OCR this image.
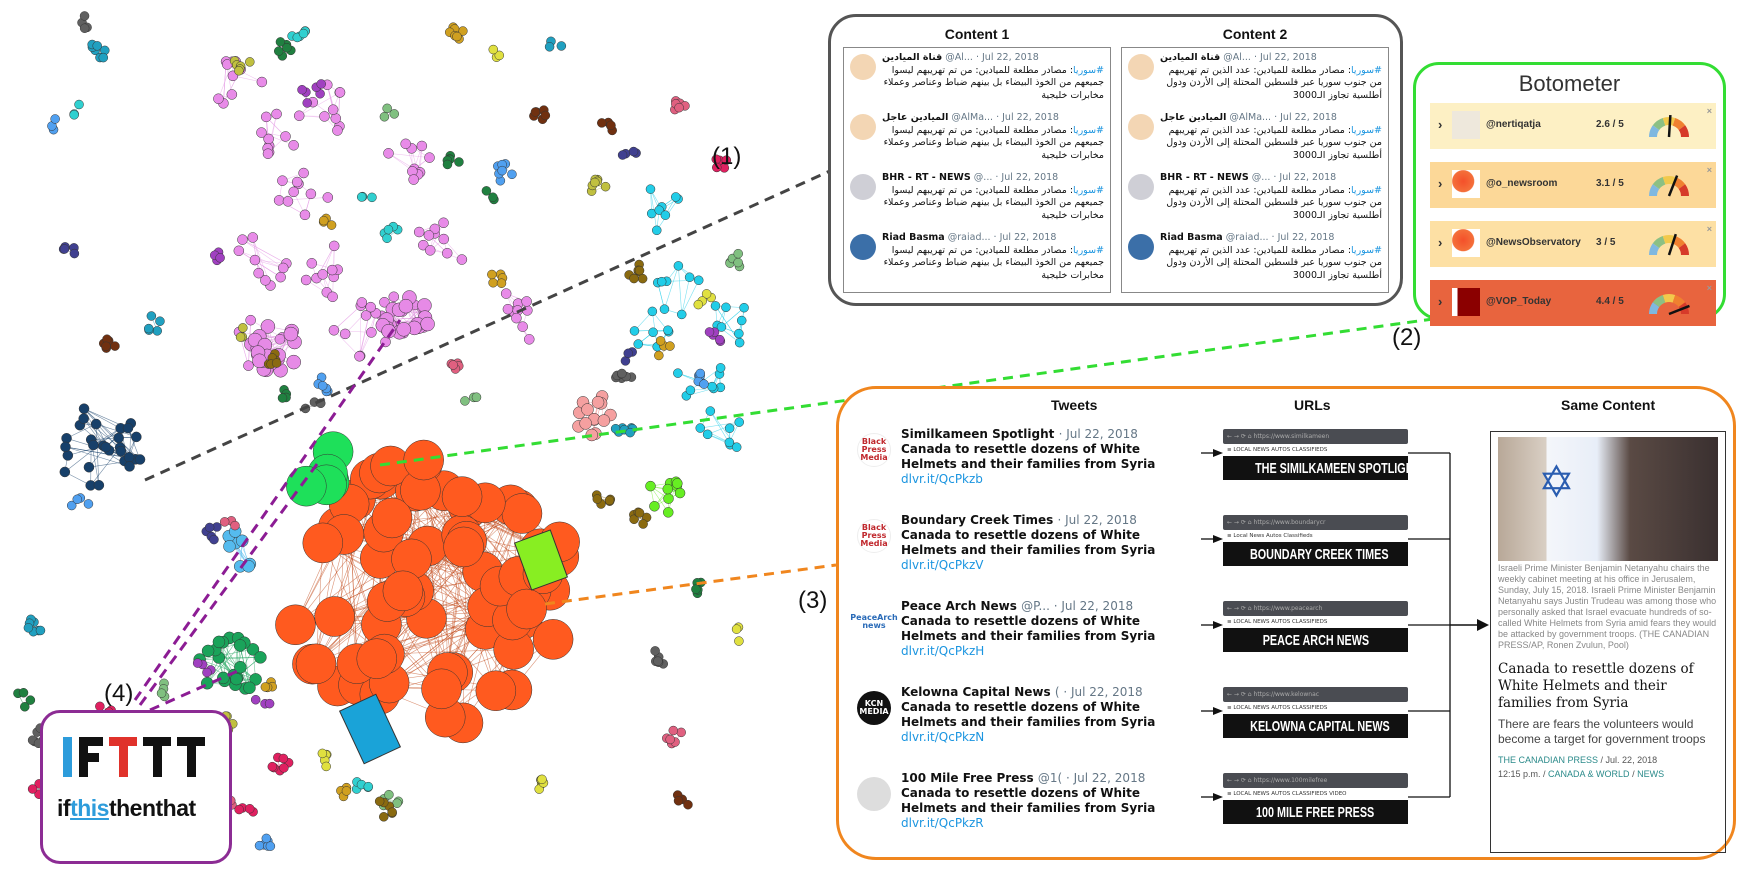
(1)
(2)
(3)
(4)
Content 1
قناة الميادين @Al... · Jul 22, 2018
#سوريا: مصادر مطلعة للميادين: من تم تهريبهم ليسوا جميعهم من الخوذ البيضاء بل بينهم ضباط وعناصر وعملاء مخابرات خليجية
الميادين عاجل @AlMa... · Jul 22, 2018
#سوريا: مصادر مطلعة للميادين: من تم تهريبهم ليسوا جميعهم من الخوذ البيضاء بل بينهم ضباط وعناصر وعملاء مخابرات خليجية
BHR - RT - NEWS @... · Jul 22, 2018
#سوريا: مصادر مطلعة للميادين: من تم تهريبهم ليسوا جميعهم من الخوذ البيضاء بل بينهم ضباط وعناصر وعملاء مخابرات خليجية
Riad Basma @raiad... · Jul 22, 2018
#سوريا: مصادر مطلعة للميادين: من تم تهريبهم ليسوا جميعهم من الخوذ البيضاء بل بينهم ضباط وعناصر وعملاء مخابرات خليجية
Content 2
قناة الميادين @Al... · Jul 22, 2018
#سوريا: مصادر مطلعة للميادين: عدد الذين تم تهريبهم من جنوب سوريا عبر فلسطين المحتلة إلى الأردن ودول أطلسية تجاوز الـ3000
الميادين عاجل @AlMa... · Jul 22, 2018
#سوريا: مصادر مطلعة للميادين: عدد الذين تم تهريبهم من جنوب سوريا عبر فلسطين المحتلة إلى الأردن ودول أطلسية تجاوز الـ3000
BHR - RT - NEWS @... · Jul 22, 2018
#سوريا: مصادر مطلعة للميادين: عدد الذين تم تهريبهم من جنوب سوريا عبر فلسطين المحتلة إلى الأردن ودول أطلسية تجاوز الـ3000
Riad Basma @raiad... · Jul 22, 2018
#سوريا: مصادر مطلعة للميادين: عدد الذين تم تهريبهم من جنوب سوريا عبر فلسطين المحتلة إلى الأردن ودول أطلسية تجاوز الـ3000
Botometer
›	@nertiqatja	2.6 / 5
×
›	@o_newsroom	3.1 / 5
×
›	@NewsObservatory 3 / 5
×
›	@VOP_Today	4.4 / 5
×
Tweets	URLs	Same Content
Black Press Media
Similkameen Spotlight · Jul 22, 2018
Canada to resettle dozens of White Helmets and their families from Syria
dlvr.it/QcPkzb
← → ⟳ ⌂ https://www.similkameen
≡ LOCAL NEWS AUTOS CLASSIFIEDS
THE SIMILKAMEEN SPOTLIGHT
Black Press Media
Boundary Creek Times · Jul 22, 2018
Canada to resettle dozens of White Helmets and their families from Syria
dlvr.it/QcPkzV
← → ⟳ ⌂ https://www.boundarycr
≡ Local News Autos Classifieds
BOUNDARY CREEK TIMES
PeaceArch news
Peace Arch News @P... · Jul 22, 2018
Canada to resettle dozens of White Helmets and their families from Syria
dlvr.it/QcPkzH
← → ⟳ ⌂ https://www.peacearch
≡ LOCAL NEWS AUTOS CLASSIFIEDS
PEACE ARCH NEWS
KCN MEDIA
Kelowna Capital News ( · Jul 22, 2018
Canada to resettle dozens of White Helmets and their families from Syria
dlvr.it/QcPkzN
← → ⟳ ⌂ https://www.kelownac
≡ LOCAL NEWS AUTOS CLASSIFIEDS
KELOWNA CAPITAL NEWS
100 Mile Free Press @1( · Jul 22, 2018
Canada to resettle dozens of White Helmets and their families from Syria
dlvr.it/QcPkzR
← → ⟳ ⌂ https://www.100milefree
≡ LOCAL NEWS AUTOS CLASSIFIEDS VIDEO
100 MILE FREE PRESS
✡
Israeli Prime Minister Benjamin Netanyahu chairs the weekly cabinet meeting at his office in Jerusalem, Sunday, July 15, 2018. Israeli Prime Minister Benjamin Netanyahu says Justin Trudeau was among those who personally asked that Israel evacuate hundreds of so-called White Helmets from Syria amid fears they would be attacked by government troops. (THE CANADIAN PRESS/AP, Ronen Zvulun, Pool)
Canada to resettle dozens of White Helmets and their families from Syria
There are fears the volunteers would become a target for government troops
THE CANADIAN PRESS / Jul. 22, 2018
12:15 p.m. / CANADA & WORLD / NEWS
ifthisthenthat
